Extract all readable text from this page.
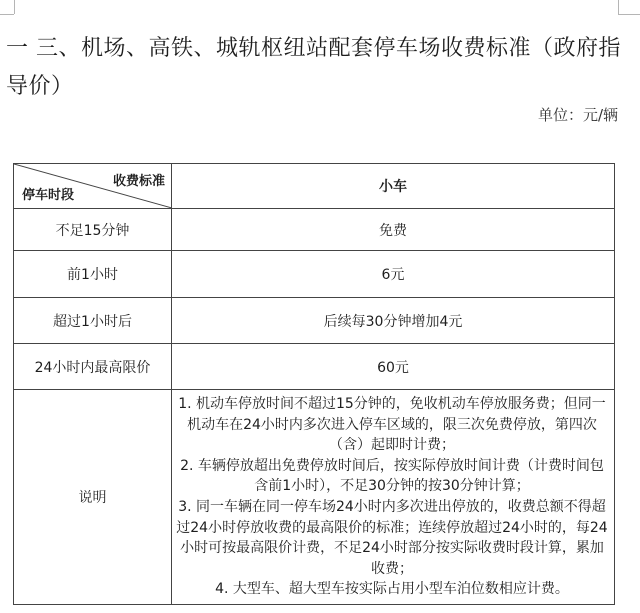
一 三、机场、高铁、城轨枢纽站配套停车场收费标准（政府指导价）
单位：元/辆
收费标准
停车时段	小车
不足15分钟	免费
前1小时	6元
超过1小时后	后续每30分钟增加4元
24小时内最高限价	60元
说明	1. 机动车停放时间不超过15分钟的，免收机动车停放服务费；但同一机动车在24小时内多次进入停车区域的，限三次免费停放，第四次（含）起即时计费；
2. 车辆停放超出免费停放时间后，按实际停放时间计费（计费时间包含前1小时），不足30分钟的按30分钟计算；
3. 同一车辆在同一停车场24小时内多次进出停放的，收费总额不得超过24小时停放收费的最高限价的标准；连续停放超过24小时的，每24小时可按最高限价计费，不足24小时部分按实际收费时段计算，累加收费；
4. 大型车、超大型车按实际占用小型车泊位数相应计费。
